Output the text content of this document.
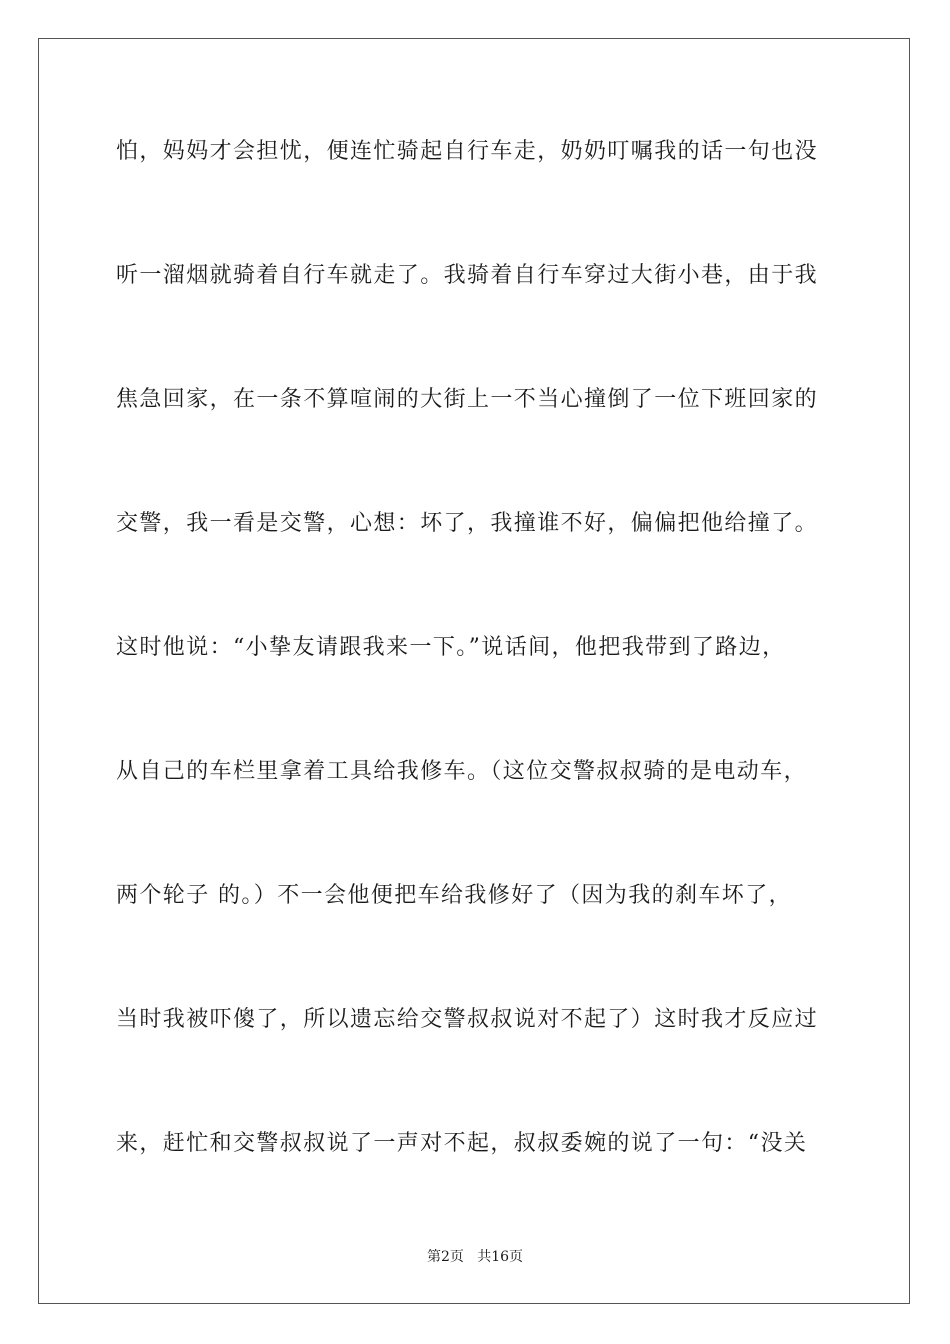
怕，妈妈才会担忧，便连忙骑起自行车走，奶奶叮嘱我的话一句也没
听一溜烟就骑着自行车就走了。我骑着自行车穿过大街小巷，由于我
焦急回家，在一条不算喧闹的大街上一不当心撞倒了一位下班回家的
交警，我一看是交警，心想：坏了，我撞谁不好，偏偏把他给撞了。
这时他说：“小挚友请跟我来一下。”说话间，他把我带到了路边，
从自己的车栏里拿着工具给我修车。（这位交警叔叔骑的是电动车，
两个轮子 的。）不一会他便把车给我修好了（因为我的刹车坏了，
当时我被吓傻了，所以遗忘给交警叔叔说对不起了）这时我才反应过
来，赶忙和交警叔叔说了一声对不起，叔叔委婉的说了一句：“没关
第2页   共16页
